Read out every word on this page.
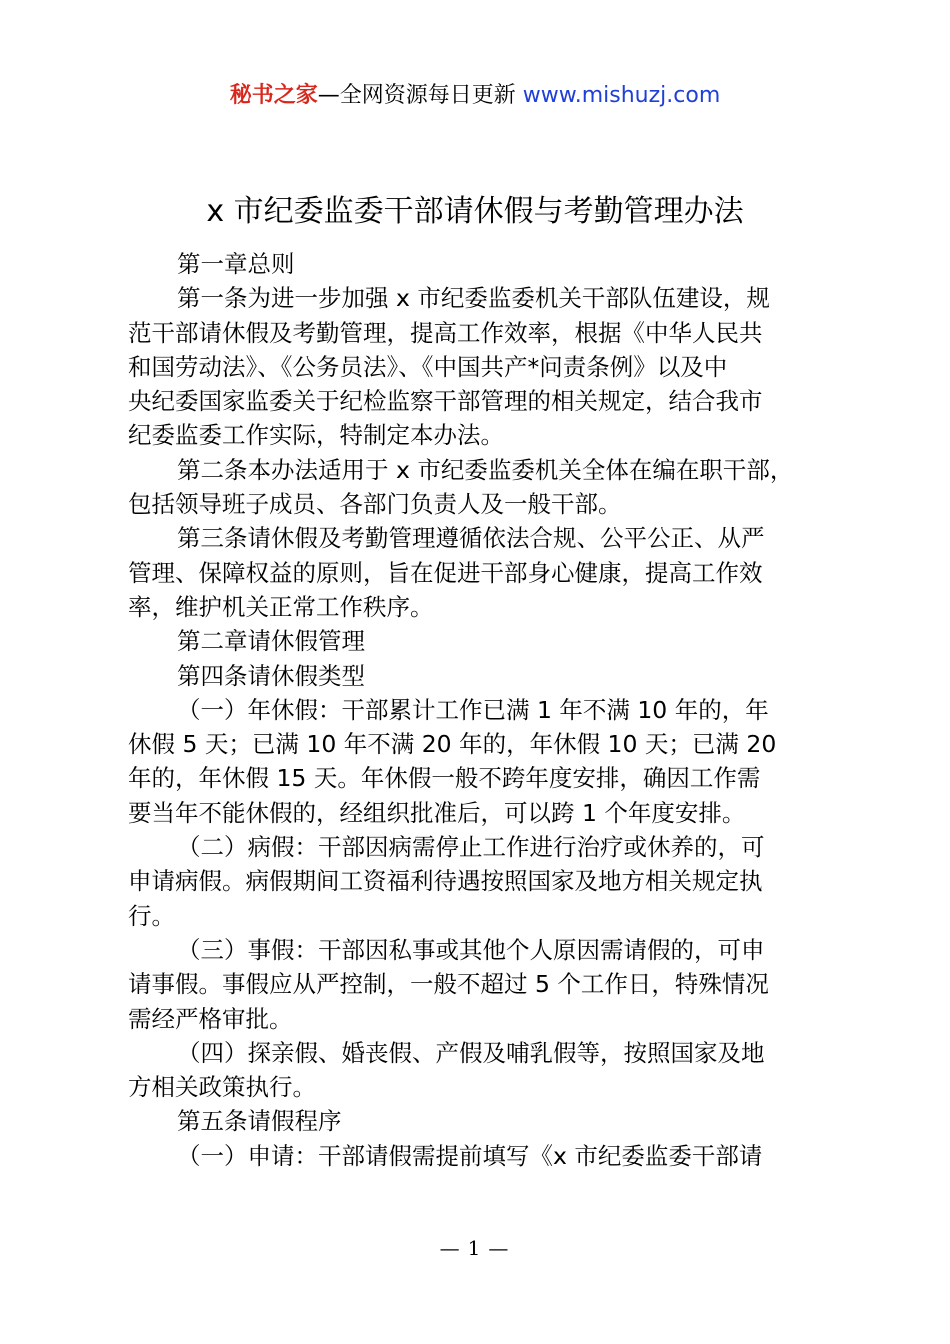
秘书之家—全网资源每日更新 www.mishuzj.com
x 市纪委监委干部请休假与考勤管理办法
第一章总则
第一条为进一步加强 x 市纪委监委机关干部队伍建设，规
范干部请休假及考勤管理，提高工作效率，根据《中华人民共
和国劳动法》、《公务员法》、《中国共产*问责条例》以及中
央纪委国家监委关于纪检监察干部管理的相关规定，结合我市
纪委监委工作实际，特制定本办法。
第二条本办法适用于 x 市纪委监委机关全体在编在职干部，
包括领导班子成员、各部门负责人及一般干部。
第三条请休假及考勤管理遵循依法合规、公平公正、从严
管理、保障权益的原则，旨在促进干部身心健康，提高工作效
率，维护机关正常工作秩序。
第二章请休假管理
第四条请休假类型
（一）年休假：干部累计工作已满 1 年不满 10 年的，年
休假 5 天；已满 10 年不满 20 年的，年休假 10 天；已满 20
年的，年休假 15 天。年休假一般不跨年度安排，确因工作需
要当年不能休假的，经组织批准后，可以跨 1 个年度安排。
（二）病假：干部因病需停止工作进行治疗或休养的，可
申请病假。病假期间工资福利待遇按照国家及地方相关规定执
行。
（三）事假：干部因私事或其他个人原因需请假的，可申
请事假。事假应从严控制，一般不超过 5 个工作日，特殊情况
需经严格审批。
（四）探亲假、婚丧假、产假及哺乳假等，按照国家及地
方相关政策执行。
第五条请假程序
（一）申请：干部请假需提前填写《x 市纪委监委干部请
— 1 —
